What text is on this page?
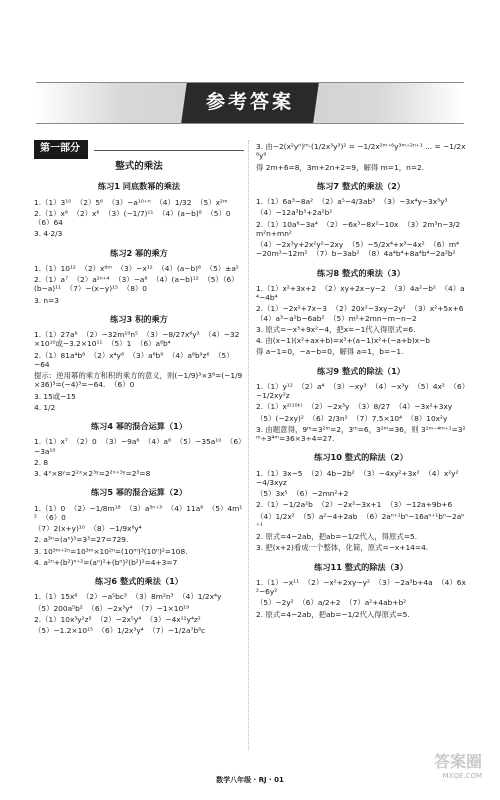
参考答案
第一部分
整式的乘法
练习1 同底数幂的乘法
1.（1）3¹⁰  （2）5⁶  （3）−a¹⁰⁺ⁿ  （4）1/32  （5）x²ᵐ
2.（1）x⁸  （2）x⁶  （3）(−1/7)¹¹  （4）(a−b)⁸  （5）0  （6）64
3. 4·2/3
练习2 幂的乘方
1.（1）10¹²  （2）x⁶ᵐ  （3）−x¹²  （4）(a−b)⁶  （5）±a²
2.（1）a⁷  （2）a²ⁿ⁺⁴  （3）−a⁸  （4）(a−b)¹²  （5）（6）(b−a)¹¹  （7）−(x−y)¹⁵  （8）0
3. n=3
练习3 积的乘方
1.（1）27a⁶  （2）−32m¹⁰n⁵  （3）−8/27x⁶y³  （4）−32×10¹⁰或−3.2×10¹¹  （5）1  （6）a⁸b⁴
2.（1）81a⁴b⁸  （2）x⁴y⁸  （3）a⁶b⁹  （4）a⁶b⁹z⁶  （5）−64
提示：逆用幂的乘方和积的乘方的意义，则(−1/9)³×3⁶=(−1/9×36)³=(−4)³=−64.  （6）0
3. 15或−15
4. 1/2
练习4 幂的混合运算（1）
1.（1）x⁷  （2）0  （3）−9a⁶  （4）a⁸  （5）−35a¹⁰  （6）−3a¹⁰
2. 8
3. 4ˣ×8ʸ=2²ˣ×2³ʸ=2²ˣ⁺³ʸ=2³=8
练习5 幂的混合运算（2）
1.（1）0  （2）−1/8m¹⁸  （3）a³ⁿ⁺³  （4）11a⁶  （5）4m¹²  （6）0
（7）2(x+y)¹⁰  （8）−1/9x⁶y⁴
2. a³ⁿ=(aⁿ)³=3³=27=729.
3. 10³ᵐ⁺²ⁿ=10³ᵐ×10²ⁿ=(10ᵐ)³(10ⁿ)²=108.
4. a²ⁿ+(b²)ⁿ⁺²=(aⁿ)²+(bⁿ)²(b²)²=4+3=7
练习6 整式的乘法（1）
1.（1）15x⁸  （2）−a⁵bc³  （3）8m²n³  （4）1/2x⁴y
（5）200a⁵b²  （6）−2x³y⁴  （7）−1×10¹⁹
2.（1）10x³y²z³  （2）−2x⁵y⁴  （3）−4x¹²y⁴z²
（5）−1.2×10¹⁵  （6）1/2x³y⁴  （7）−1/2a⁷b⁸c
3. 由−2(x²yⁿ)ᵐ·(1/2x³y³)² = −1/2x²ᵐ⁺⁶y³ᵐ⁺²ⁿ⁺¹ ... = −1/2x⁸y⁹
得 2m+6=8，3m+2n+2=9，解得 m=1，n=2.
练习7 整式的乘法（2）
1.（1）6a³−8a²  （2）a⁵−4/3ab³  （3）−3x⁴y−3x³y³
（4）−12a³b³+2a²b²
2.（1）10a⁶−3a⁴  （2）−6x³−8x²−10x  （3）2m³n−3/2m²n+mn²
（4）−2x³y+2x²y²−2xy  （5）−5/2x⁴+x³−4x²  （6）m⁴−20m³−12m²  （7）b−3ab²  （8）4a⁴b⁴+8a⁴b⁴−2a²b²
练习8 整式的乘法（3）
1.（1）x²+3x+2  （2）xy+2x−y−2  （3）4a²−b²  （4）a⁴−4b⁴
2.（1）−2x²+7x−3  （2）20x²−3xy−2y²  （3）x²+5x+6  （4）a³−a²b−6ab²  （5）m²+2mn−m−n−2
3. 原式=−x³+9x²−4，把x=−1代入得原式=6.
4. 由(x−1)(x²+ax+b)=x³+(a−1)x²+(−a+b)x−b
得 a−1=0，−a−b=0，解得 a=1，b=−1.
练习9 整式的除法（1）
1.（1）y¹²  （2）a⁴  （3）−xy³  （4）−x³y  （5）4x²  （6）−1/2xy²z
2.（1）x²⁽¹⁰ᵏ⁾  （2）−2x³y  （3）8/27  （4）−3x²+3xy
（5）(−2xy)²  （6）2/3n²  （7）7.5×10⁴  （8）10x²y
3. 由题意得，9ᵐ=3²ᵐ=2，3ᵐ=6，3²ᵐ=36，则 3²ᵐ⁻⁴ᵐ⁺¹=3²ᵐ÷3⁴ᵐ=36×3÷4=27.
练习10 整式的除法（2）
1.（1）3x−5  （2）4b−2b²  （3）−4xy²+3x²  （4）x²y²−4/3xyz
（5）3x⁵  （6）−2mn²+2
2.（1）−1/2a²b  （2）−2x²−3x+1  （3）−12a+9b+6
（4）1/2x²  （5）a²−4+2ab  （6）2aⁿ⁺¹bⁿ−16aⁿ⁺¹bⁿ−2aⁿ⁺¹
2. 原式=4−2ab，把ab=−1/2代入，得原式=5.
3. 把(x+2)看成一个整体，化简，原式=−x+14=4.
练习11 整式的除法（3）
1.（1）−x¹¹  （2）−x²+2xy−y²  （3）−2a³b+4a  （4）6x²−6y²
（5）−2y²  （6）a/2+2  （7）a²+4ab+b²
2. 原式=4−2ab，把ab=−1/2代入得原式=5.
数学八年级 · RJ · 01
答案圈
MXQE.COM
